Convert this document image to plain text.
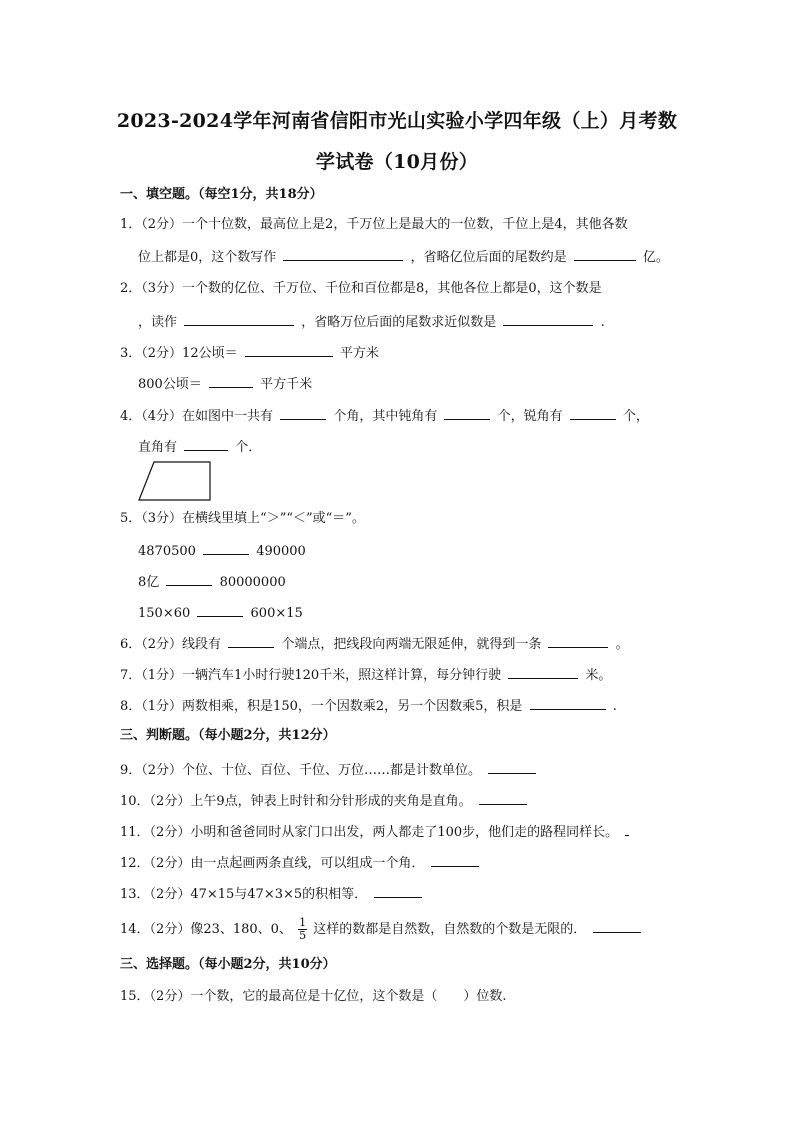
2023-2024学年河南省信阳市光山实验小学四年级（上）月考数
学试卷（10月份）
一、填空题。（每空1分，共18分）
1．（2分）一个十位数，最高位上是2，千万位上是最大的一位数，千位上是4，其他各数
位上都是0，这个数写作	，省略亿位后面的尾数约是	亿。
2．（3分）一个数的亿位、千万位、千位和百位都是8，其他各位上都是0，这个数是
，读作	，省略万位后面的尾数求近似数是	.
3．（2分）12公顷＝	平方米
800公顷＝	平方千米
4．（4分）在如图中一共有	个角，其中钝角有	个，锐角有	个，
直角有	个．
5．（3分）在横线里填上“＞”“＜”或“＝”。
4870500	490000
8亿	80000000
150×60	600×15
6．（2分）线段有	个端点，把线段向两端无限延伸，就得到一条	。
7．（1分）一辆汽车1小时行驶120千米，照这样计算，每分钟行驶	米。
8．（1分）两数相乘，积是150，一个因数乘2，另一个因数乘5，积是	.
三、判断题。（每小题2分，共12分）
9．（2分）个位、十位、百位、千位、万位……都是计数单位。
10．（2分）上午9点，钟表上时针和分针形成的夹角是直角。
11．（2分）小明和爸爸同时从家门口出发，两人都走了100步，他们走的路程同样长。
12．（2分）由一点起画两条直线，可以组成一个角．
13．（2分）47×15与47×3×5的积相等．
14．（2分）像23、180、0、 $\frac{1}{5}$ 这样的数都是自然数，自然数的个数是无限的．
三、选择题。（每小题2分，共10分）
15．（2分）一个数，它的最高位是十亿位，这个数是（　　）位数.
